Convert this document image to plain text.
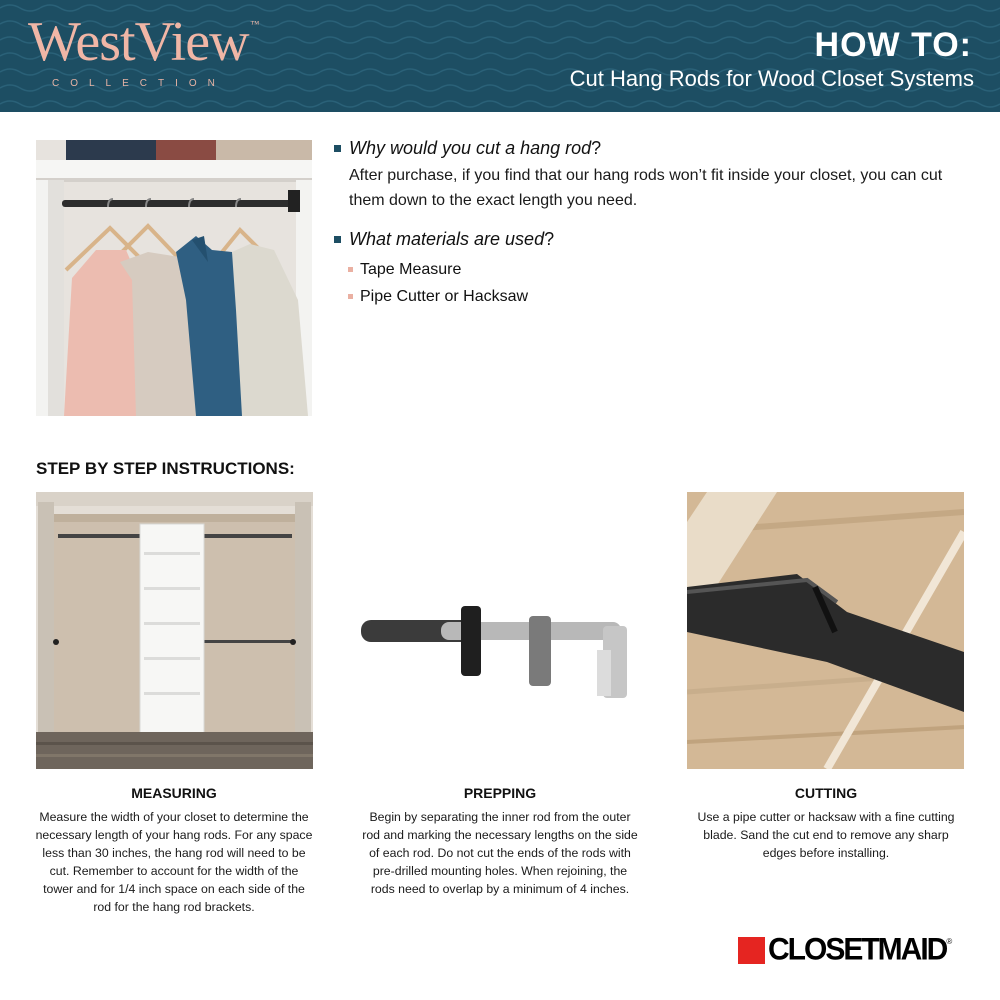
WestView ™
COLLECTION
HOW TO:
Cut Hang Rods for Wood Closet Systems
Why would you cut a hang rod ?
After purchase, if you find that our hang rods won’t fit inside your closet, you can cut them down to the exact length you need.
What materials are used ?
Tape Measure
Pipe Cutter or Hacksaw
STEP BY STEP INSTRUCTIONS:
MEASURING
Measure the width of your closet to determine the necessary length of your hang rods. For any space less than 30 inches, the hang rod will need to be cut. Remember to account for the width of the tower and for 1/4 inch space on each side of the rod for the hang rod brackets.
PREPPING
Begin by separating the inner rod from the outer rod and marking the necessary lengths on the side of each rod. Do not cut the ends of the rods with pre-drilled mounting holes. When rejoining, the rods need to overlap by a minimum of 4 inches.
CUTTING
Use a pipe cutter or hacksaw with a fine cutting blade. Sand the cut end to remove any sharp edges before installing.
CLOSETMAID ®
